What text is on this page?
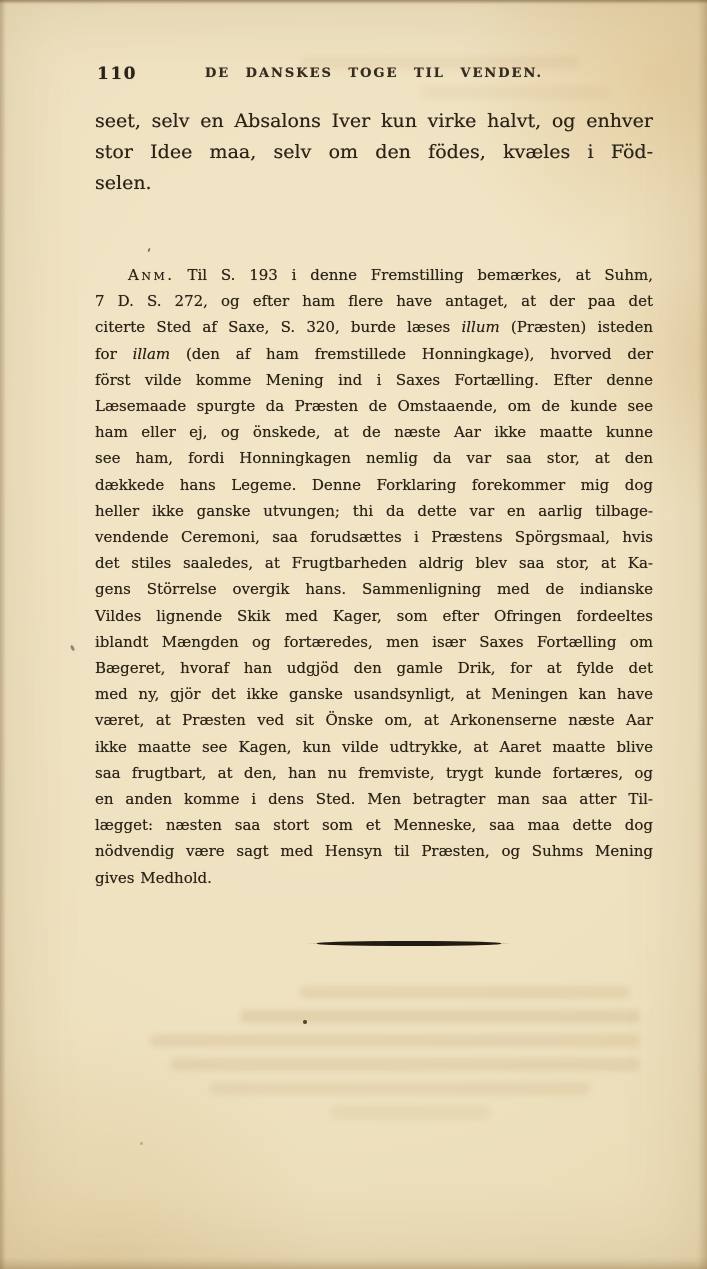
110	DE DANSKES TOGE TIL VENDEN.
seet, selv en Absalons Iver kun virke halvt, og enhver
stor Idee maa, selv om den födes, kvæles i Föd-
selen.
Anm. Til S. 193 i denne Fremstilling bemærkes, at Suhm,
7 D. S. 272, og efter ham flere have antaget, at der paa det
citerte Sted af Saxe, S. 320, burde læses illum (Præsten) isteden
for illam (den af ham fremstillede Honningkage), hvorved der
först vilde komme Mening ind i Saxes Fortælling. Efter denne
Læsemaade spurgte da Præsten de Omstaaende, om de kunde see
ham eller ej, og önskede, at de næste Aar ikke maatte kunne
see ham, fordi Honningkagen nemlig da var saa stor, at den
dækkede hans Legeme. Denne Forklaring forekommer mig dog
heller ikke ganske utvungen; thi da dette var en aarlig tilbage-
vendende Ceremoni, saa forudsættes i Præstens Spörgsmaal, hvis
det stiles saaledes, at Frugtbarheden aldrig blev saa stor, at Ka-
gens Störrelse overgik hans. Sammenligning med de indianske
Vildes lignende Skik med Kager, som efter Ofringen fordeeltes
iblandt Mængden og fortæredes, men især Saxes Fortælling om
Bægeret, hvoraf han udgjöd den gamle Drik, for at fylde det
med ny, gjör det ikke ganske usandsynligt, at Meningen kan have
været, at Præsten ved sit Önske om, at Arkonenserne næste Aar
ikke maatte see Kagen, kun vilde udtrykke, at Aaret maatte blive
saa frugtbart, at den, han nu fremviste, trygt kunde fortæres, og
en anden komme i dens Sted. Men betragter man saa atter Til-
lægget: næsten saa stort som et Menneske, saa maa dette dog
nödvendig være sagt med Hensyn til Præsten, og Suhms Mening
gives Medhold.
